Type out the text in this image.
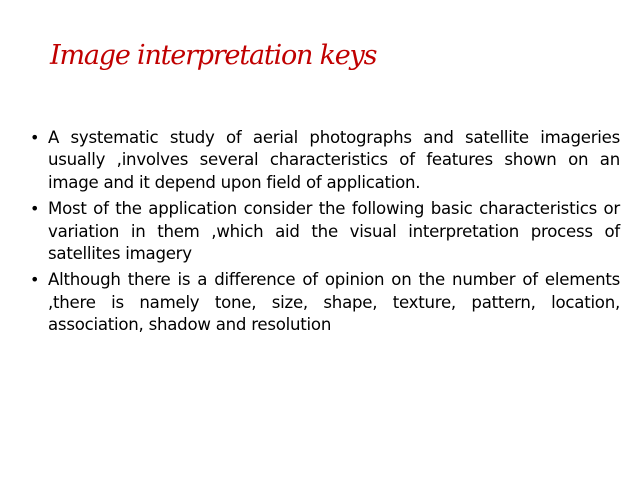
Image interpretation keys
• A systematic study of aerial photographs and satellite imageries usually ,involves several characteristics of features shown on an image and it depend upon field of application.
• Most of the application consider the following basic characteristics or variation in them ,which aid the visual interpretation process of satellites imagery
• Although there is a difference of opinion on the number of elements ,there is namely tone, size, shape, texture, pattern, location, association, shadow and resolution
